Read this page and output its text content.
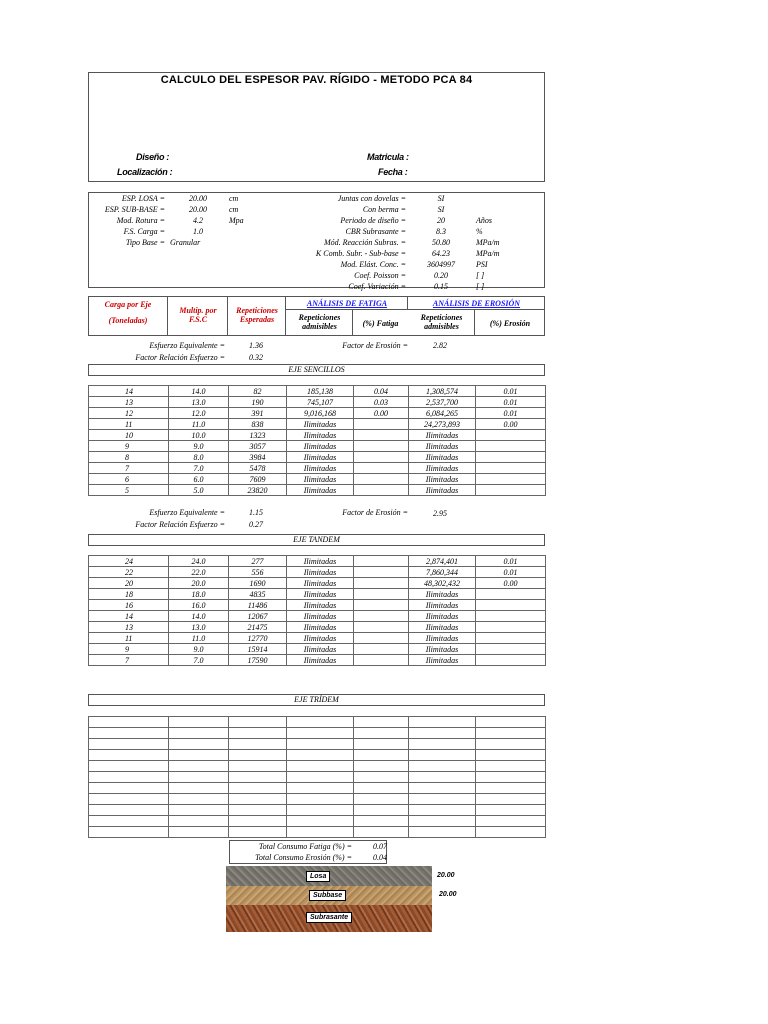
CALCULO DEL ESPESOR PAV. RÍGIDO - METODO PCA 84
Diseño :
Localización :
Matricula :
Fecha :
ESP. LOSA =	20.00	cm
ESP. SUB-BASE =	20.00	cm
Mod. Rotura =	4.2	Mpa
F.S. Carga =	1.0
Tipo Base = Granular
Juntas con dovelas =	SI
Con berma =	SI
Periodo de diseño =	20	Años
CBR Subrasante =	8.3	%
Mód. Reacción Subras. =	50.80	MPa/m
K Comb. Subr. - Sub-base =	64.23	MPa/m
Mod. Elást. Conc. =	3604997	PSI
Coef. Poisson =	0.20	[ ]
Coef. Variación =	0.15	[ ]
Carga por Eje
(Toneladas)
Multip. por
F.S.C
Repeticiones
Esperadas
ANÁLISIS DE FATIGA	ANÁLISIS DE EROSIÓN
Repeticiones
admisibles	(%) Fatiga
Repeticiones
admisibles	(%) Erosión
Esfuerzo Equivalente =	1.36
Factor Relación Esfuerzo =	0.32
Factor de Erosión =	2.82
EJE SENCILLOS
14	14.0	82	185,138	0.04	1,308,574	0.01
13	13.0	190	745,107	0.03	2,537,700	0.01
12	12.0	391	9,016,168	0.00	6,084,265	0.01
11	11.0	838	Ilimitadas		24,273,893	0.00
10	10.0	1323	Ilimitadas		Ilimitadas	
9	9.0	3057	Ilimitadas		Ilimitadas	
8	8.0	3984	Ilimitadas		Ilimitadas	
7	7.0	5478	Ilimitadas		Ilimitadas	
6	6.0	7609	Ilimitadas		Ilimitadas	
5	5.0	23820	Ilimitadas		Ilimitadas	
Esfuerzo Equivalente =	1.15
Factor Relación Esfuerzo =	0.27
Factor de Erosión =	2.95
EJE TANDEM
24	24.0	277	Ilimitadas		2,874,401	0.01
22	22.0	556	Ilimitadas		7,860,344	0.01
20	20.0	1690	Ilimitadas		48,302,432	0.00
18	18.0	4835	Ilimitadas		Ilimitadas	
16	16.0	11486	Ilimitadas		Ilimitadas	
14	14.0	12067	Ilimitadas		Ilimitadas	
13	13.0	21475	Ilimitadas		Ilimitadas	
11	11.0	12770	Ilimitadas		Ilimitadas	
9	9.0	15914	Ilimitadas		Ilimitadas	
7	7.0	17590	Ilimitadas		Ilimitadas	
EJE TRÍDEM

Total Consumo Fatiga (%) =	0.07
Total Consumo Erosión (%) =	0.04
Losa
Subbase
Subrasante
20.00
20.00
